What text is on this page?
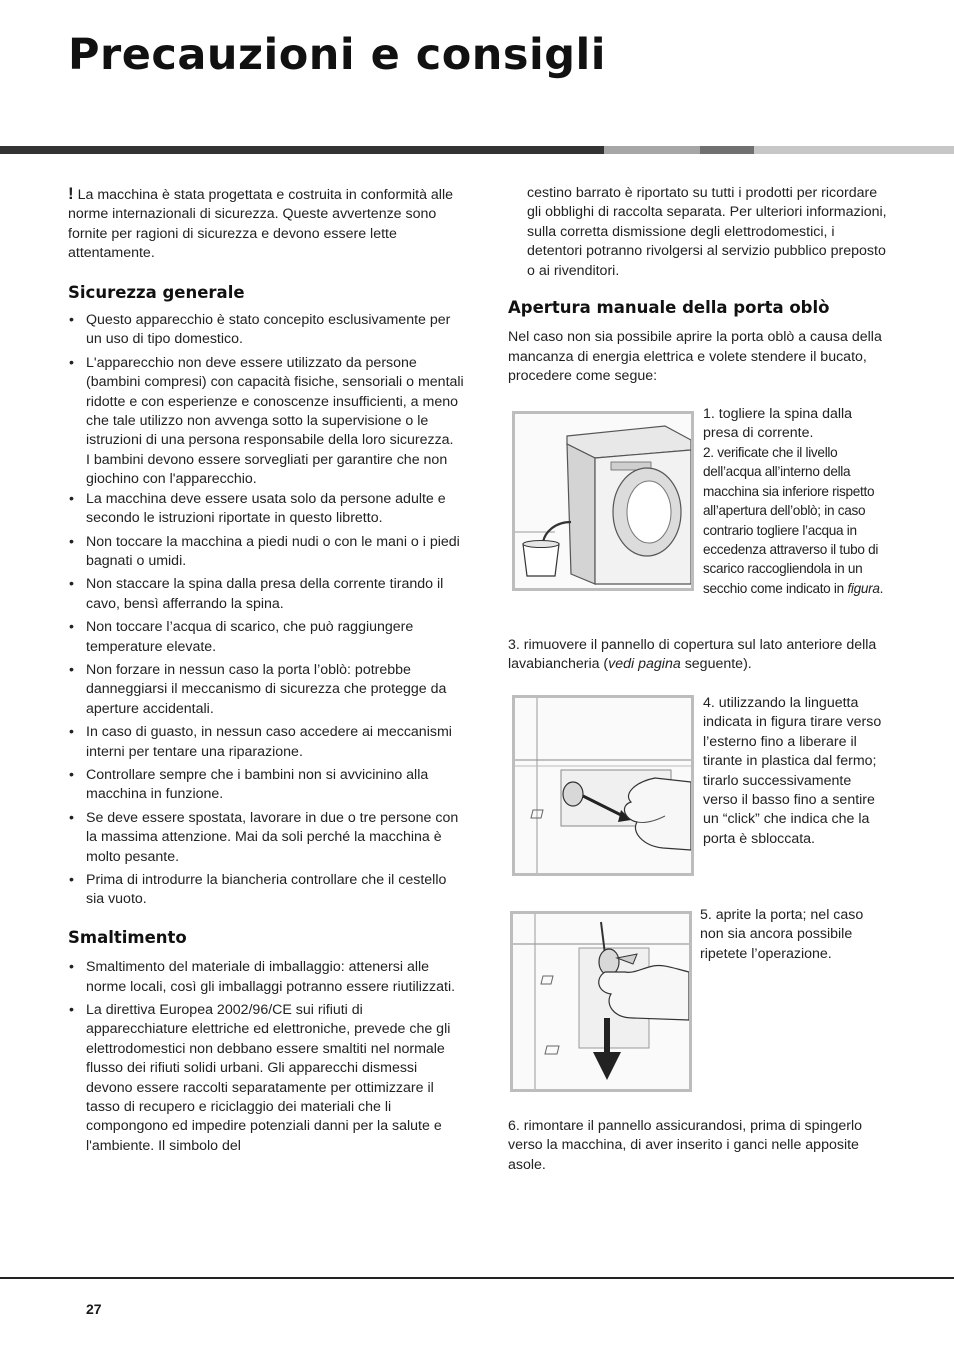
Precauzioni e consigli

! La macchina è stata progettata e costruita in conformità alle norme internazionali di sicurezza. Queste avvertenze sono fornite per ragioni di sicurezza e devono essere lette attentamente.

Sicurezza generale
• Questo apparecchio è stato concepito esclusivamente per un uso di tipo domestico.
• L'apparecchio non deve essere utilizzato da persone (bambini compresi) con capacità fisiche, sensoriali o mentali ridotte e con esperienze e conoscenze insufficienti, a meno che tale utilizzo non avvenga sotto la supervisione o le istruzioni di una persona responsabile della loro sicurezza.
I bambini devono essere sorvegliati per garantire che non giochino con l'apparecchio.
• La macchina deve essere usata solo da persone adulte e secondo le istruzioni riportate in questo libretto.
• Non toccare la macchina a piedi nudi o con le mani o i piedi bagnati o umidi.
• Non staccare la spina dalla presa della corrente tirando il cavo, bensì afferrando la spina.
• Non toccare l’acqua di scarico, che può raggiungere temperature elevate.
• Non forzare in nessun caso la porta l’oblò: potrebbe danneggiarsi il meccanismo di sicurezza che protegge da aperture accidentali.
• In caso di guasto, in nessun caso accedere ai meccanismi interni per tentare una riparazione.
• Controllare sempre che i bambini non si avvicinino alla macchina in funzione.
• Se deve essere spostata, lavorare in due o tre persone con la massima attenzione. Mai da soli perché la macchina è molto pesante.
• Prima di introdurre la biancheria controllare che il cestello sia vuoto.
Smaltimento
• Smaltimento del materiale di imballaggio: attenersi alle norme locali, così gli imballaggi potranno essere riutilizzati.
• La direttiva Europea 2002/96/CE sui rifiuti di apparecchiature elettriche ed elettroniche, prevede che gli elettrodomestici non debbano essere smaltiti nel normale flusso dei rifiuti solidi urbani. Gli apparecchi dismessi devono essere raccolti separatamente per ottimizzare il tasso di recupero e riciclaggio dei materiali che li compongono ed impedire potenziali danni per la salute e l'ambiente. Il simbolo del

cestino barrato è riportato su tutti i prodotti per ricordare gli obblighi di raccolta separata. Per ulteriori informazioni, sulla corretta dismissione degli elettrodomestici, i detentori potranno rivolgersi al servizio pubblico preposto o ai rivenditori.

Apertura manuale della porta oblò

Nel caso non sia possibile aprire la porta oblò a causa della mancanza di energia elettrica e volete stendere il bucato, procedere come segue:

1. togliere la spina dalla presa di corrente.
2. verificate che il livello dell’acqua all’interno della macchina sia inferiore rispetto all’apertura dell’oblò; in caso contrario togliere l’acqua in eccedenza attraverso il tubo di scarico raccogliendola in un secchio come indicato in figura.
3. rimuovere il pannello di copertura sul lato anteriore della lavabiancheria (vedi pagina seguente).
4. utilizzando la linguetta indicata in figura tirare verso l’esterno fino a liberare il tirante in plastica dal fermo; tirarlo successivamente verso il basso fino a sentire un “click” che indica che la porta è sbloccata.
5. aprite la porta; nel caso non sia ancora possibile ripetete l’operazione.
6. rimontare il pannello assicurandosi, prima di spingerlo verso la macchina, di aver inserito i ganci nelle apposite asole.
27
